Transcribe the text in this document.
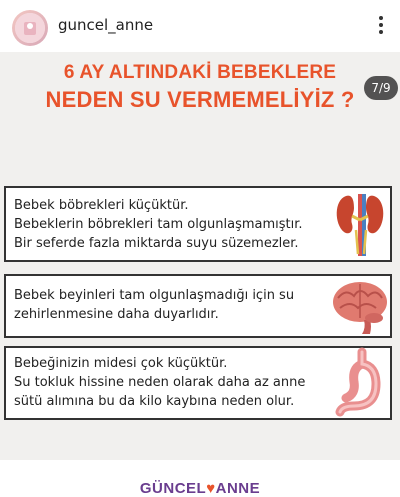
guncel_anne
6 AY ALTINDAKİ BEBEKLERE
NEDEN SU VERMEMELİYİZ ?	7/9
Bebek böbrekleri küçüktür.
Bebeklerin böbrekleri tam olgunlaşmamıştır.
Bir seferde fazla miktarda suyu süzemezler.
Bebek beyinleri tam olgunlaşmadığı için su
zehirlenmesine daha duyarlıdır.
Bebeğinizin midesi çok küçüktür.
Su tokluk hissine neden olarak daha az anne
sütü alımına bu da kilo kaybına neden olur.
GÜNCEL♥ANNE
